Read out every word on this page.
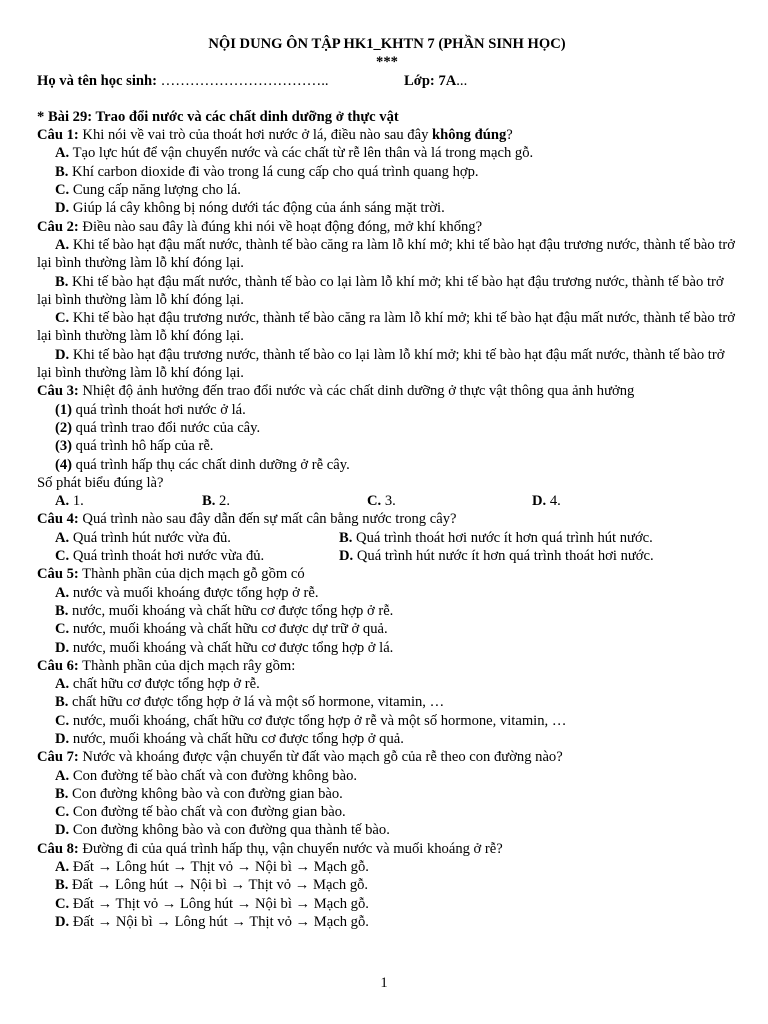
NỘI DUNG ÔN TẬP HK1_KHTN 7 (PHẦN SINH HỌC)
***
Họ và tên học sinh: ……………………………..	Lớp: 7A...
* Bài 29: Trao đổi nước và các chất dinh dưỡng ở thực vật
Câu 1: Khi nói về vai trò của thoát hơi nước ở lá, điều nào sau đây không đúng?
A. Tạo lực hút để vận chuyển nước và các chất từ rễ lên thân và lá trong mạch gỗ.
B. Khí carbon dioxide đi vào trong lá cung cấp cho quá trình quang hợp.
C. Cung cấp năng lượng cho lá.
D. Giúp lá cây không bị nóng dưới tác động của ánh sáng mặt trời.
Câu 2: Điều nào sau đây là đúng khi nói về hoạt động đóng, mở khí khổng?
A. Khi tế bào hạt đậu mất nước, thành tế bào căng ra làm lỗ khí mở; khi tế bào hạt đậu trương nước, thành tế bào trở lại bình thường làm lỗ khí đóng lại.
B. Khi tế bào hạt đậu mất nước, thành tế bào co lại làm lỗ khí mở; khi tế bào hạt đậu trương nước, thành tế bào trở lại bình thường làm lỗ khí đóng lại.
C. Khi tế bào hạt đậu trương nước, thành tế bào căng ra làm lỗ khí mở; khi tế bào hạt đậu mất nước, thành tế bào trở lại bình thường làm lỗ khí đóng lại.
D. Khi tế bào hạt đậu trương nước, thành tế bào co lại làm lỗ khí mở; khi tế bào hạt đậu mất nước, thành tế bào trở lại bình thường làm lỗ khí đóng lại.
Câu 3: Nhiệt độ ảnh hưởng đến trao đổi nước và các chất dinh dưỡng ở thực vật thông qua ảnh hưởng
(1) quá trình thoát hơi nước ở lá.
(2) quá trình trao đổi nước của cây.
(3) quá trình hô hấp của rễ.
(4) quá trình hấp thụ các chất dinh dưỡng ở rễ cây.
Số phát biểu đúng là?
A. 1.	B. 2.	C. 3.	D. 4.
Câu 4: Quá trình nào sau đây dẫn đến sự mất cân bằng nước trong cây?
A. Quá trình hút nước vừa đủ.	B. Quá trình thoát hơi nước ít hơn quá trình hút nước.
C. Quá trình thoát hơi nước vừa đủ.	D. Quá trình hút nước ít hơn quá trình thoát hơi nước.
Câu 5: Thành phần của dịch mạch gỗ gồm có
A. nước và muối khoáng được tổng hợp ở rễ.
B. nước, muối khoáng và chất hữu cơ được tổng hợp ở rễ.
C. nước, muối khoáng và chất hữu cơ được dự trữ ở quả.
D. nước, muối khoáng và chất hữu cơ được tổng hợp ở lá.
Câu 6: Thành phần của dịch mạch rây gồm:
A. chất hữu cơ được tổng hợp ở rễ.
B. chất hữu cơ được tổng hợp ở lá và một số hormone, vitamin, …
C. nước, muối khoáng, chất hữu cơ được tổng hợp ở rễ và một số hormone, vitamin, …
D. nước, muối khoáng và chất hữu cơ được tổng hợp ở quả.
Câu 7: Nước và khoáng được vận chuyển từ đất vào mạch gỗ của rễ theo con đường nào?
A. Con đường tế bào chất và con đường không bào.
B. Con đường không bào và con đường gian bào.
C. Con đường tế bào chất và con đường gian bào.
D. Con đường không bào và con đường qua thành tế bào.
Câu 8: Đường đi của quá trình hấp thụ, vận chuyển nước và muối khoáng ở rễ?
A. Đất → Lông hút → Thịt vỏ → Nội bì → Mạch gỗ.
B. Đất → Lông hút → Nội bì → Thịt vỏ → Mạch gỗ.
C. Đất → Thịt vỏ → Lông hút → Nội bì → Mạch gỗ.
D. Đất → Nội bì → Lông hút → Thịt vỏ → Mạch gỗ.
1
